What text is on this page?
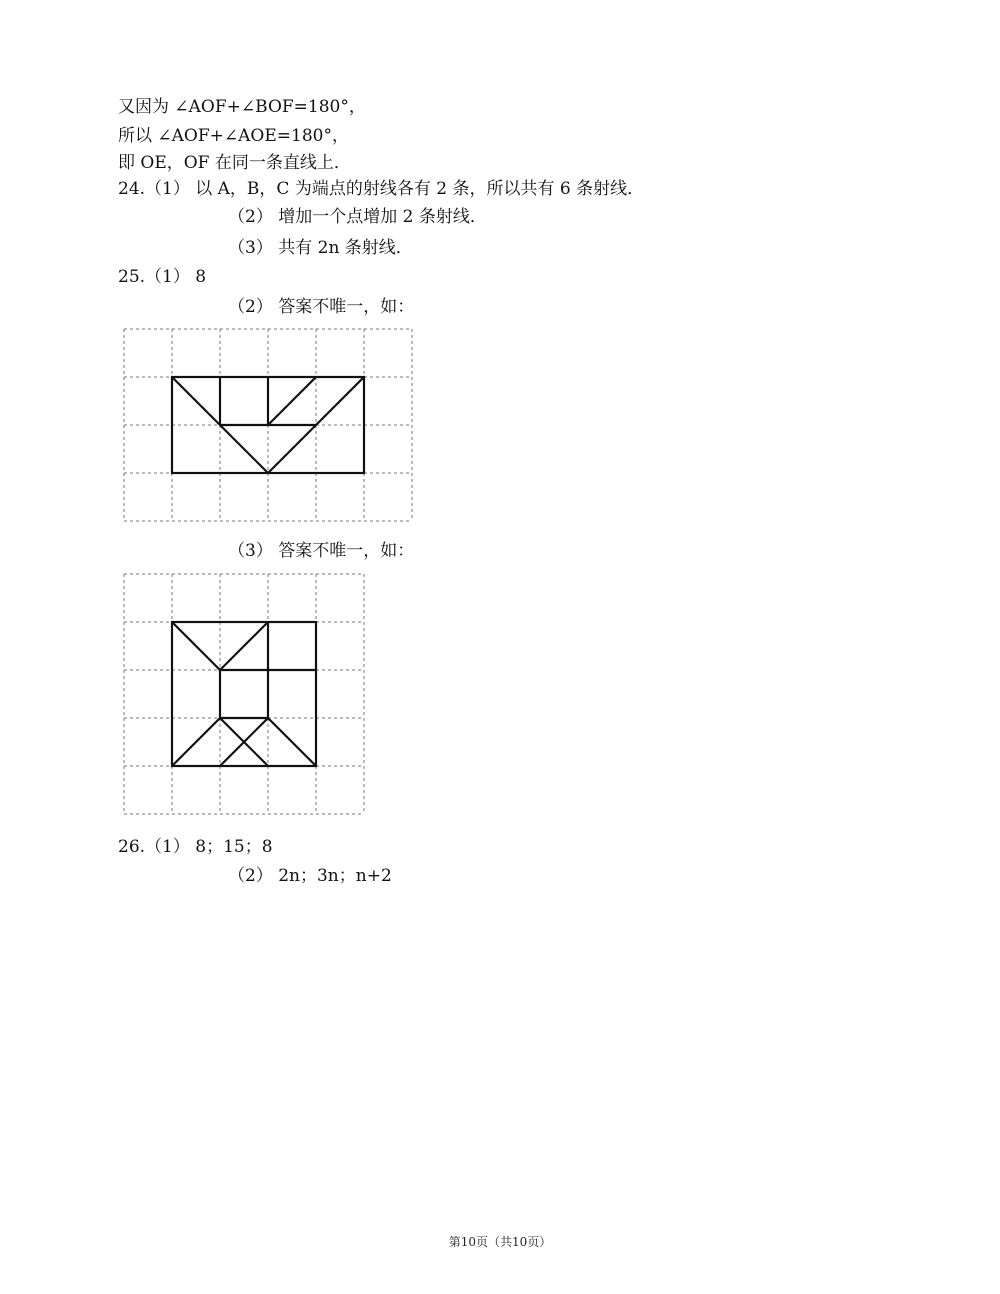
又因为 ∠AOF+∠BOF=180°，
所以 ∠AOF+∠AOE=180°，
即 OE，OF 在同一条直线上．
24.（1） 以 A，B，C 为端点的射线各有 2 条，所以共有 6 条射线．
（2） 增加一个点增加 2 条射线．
（3） 共有 2n 条射线．
25.（1） 8
（2） 答案不唯一，如：
（3） 答案不唯一，如：
26.（1） 8；15；8
（2） 2n；3n；n+2
第10页（共10页）
